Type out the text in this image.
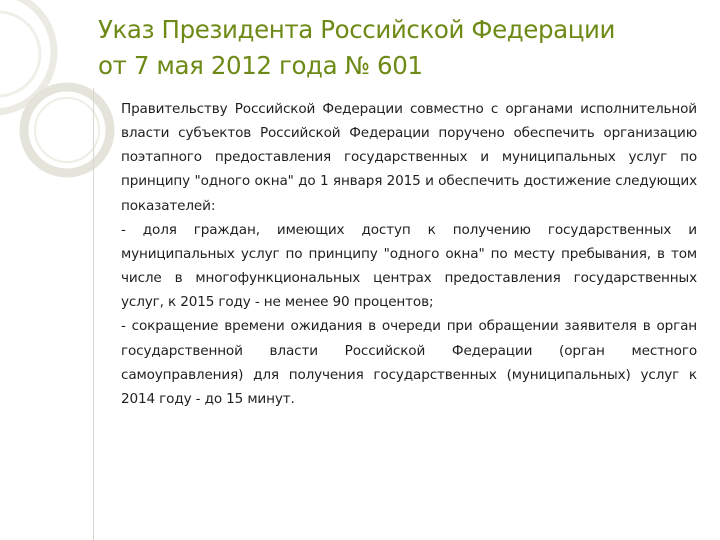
Указ Президента Российской Федерации
от 7 мая 2012 года № 601

Правительству Российской Федерации совместно с органами исполнительной власти субъектов Российской Федерации поручено обеспечить организацию поэтапного предоставления государственных и муниципальных услуг по принципу "одного окна" до 1 января 2015 и обеспечить достижение следующих показателей:

- доля граждан, имеющих доступ к получению государственных и муниципальных услуг по принципу "одного окна" по месту пребывания, в том числе в многофункциональных центрах предоставления государственных услуг, к 2015 году - не менее 90 процентов;

- сокращение времени ожидания в очереди при обращении заявителя в орган государственной власти Российской Федерации (орган местного самоуправления) для получения государственных (муниципальных) услуг к 2014 году - до 15 минут.
